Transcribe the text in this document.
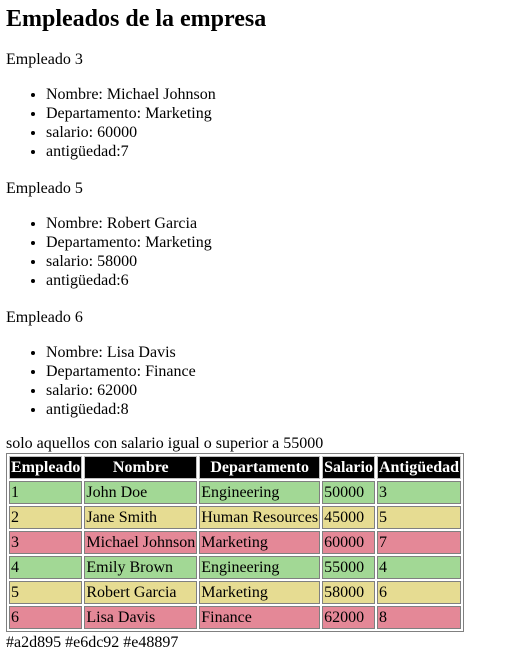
Empleados de la empresa
Empleado 3
• Nombre: Michael Johnson
• Departamento: Marketing
• salario: 60000
• antigüedad:7
Empleado 5
• Nombre: Robert Garcia
• Departamento: Marketing
• salario: 58000
• antigüedad:6
Empleado 6
• Nombre: Lisa Davis
• Departamento: Finance
• salario: 62000
• antigüedad:8
solo aquellos con salario igual o superior a 55000
Empleado	Nombre	Departamento	Salario	Antigüedad
1	John Doe	Engineering	50000	3
2	Jane Smith	Human Resources	45000	5
3	Michael Johnson	Marketing	60000	7
4	Emily Brown	Engineering	55000	4
5	Robert Garcia	Marketing	58000	6
6	Lisa Davis	Finance	62000	8
#a2d895 #e6dc92 #e48897
